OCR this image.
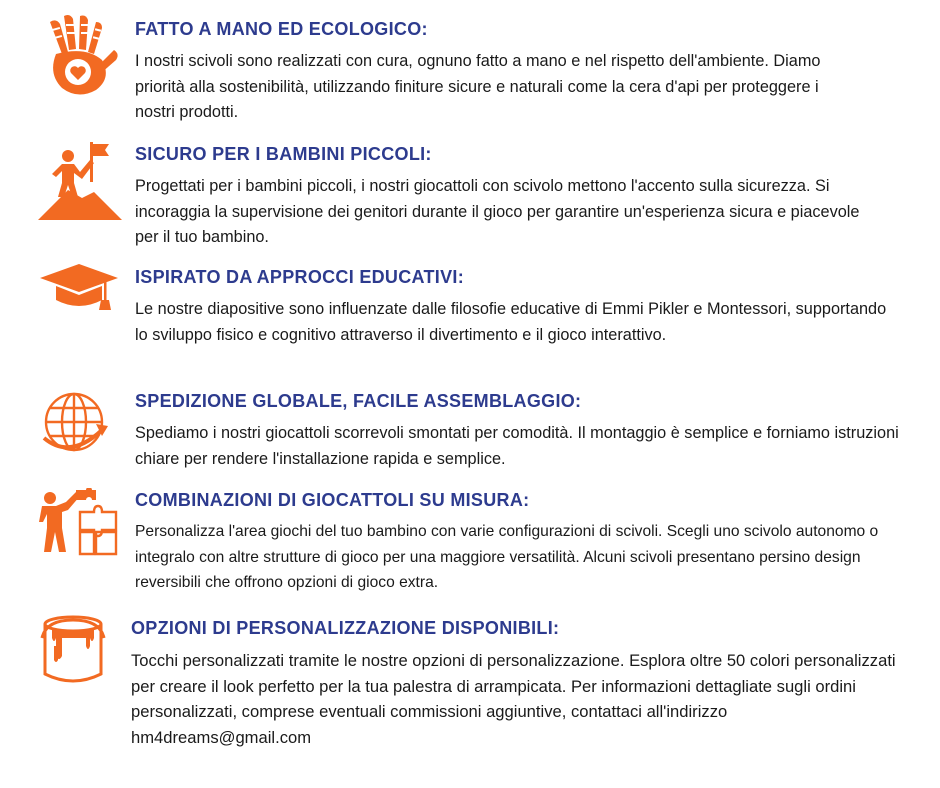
FATTO A MANO ED ECOLOGICO:

I nostri scivoli sono realizzati con cura, ognuno fatto a mano e nel rispetto dell'ambiente. Diamo priorità alla sostenibilità, utilizzando finiture sicure e naturali come la cera d'api per proteggere i nostri prodotti.

SICURO PER I BAMBINI PICCOLI:

Progettati per i bambini piccoli, i nostri giocattoli con scivolo mettono l'accento sulla sicurezza. Si incoraggia la supervisione dei genitori durante il gioco per garantire un'esperienza sicura e piacevole per il tuo bambino.

ISPIRATO DA APPROCCI EDUCATIVI:

Le nostre diapositive sono influenzate dalle filosofie educative di Emmi Pikler e Montessori, supportando lo sviluppo fisico e cognitivo attraverso il divertimento e il gioco interattivo.

SPEDIZIONE GLOBALE, FACILE ASSEMBLAGGIO:

Spediamo i nostri giocattoli scorrevoli smontati per comodità. Il montaggio è semplice e forniamo istruzioni chiare per rendere l'installazione rapida e semplice.

COMBINAZIONI DI GIOCATTOLI SU MISURA:

Personalizza l'area giochi del tuo bambino con varie configurazioni di scivoli. Scegli uno scivolo autonomo o integralo con altre strutture di gioco per una maggiore versatilità. Alcuni scivoli presentano persino design reversibili che offrono opzioni di gioco extra.

OPZIONI DI PERSONALIZZAZIONE DISPONIBILI:

Tocchi personalizzati tramite le nostre opzioni di personalizzazione. Esplora oltre 50 colori personalizzati per creare il look perfetto per la tua palestra di arrampicata. Per informazioni dettagliate sugli ordini personalizzati, comprese eventuali commissioni aggiuntive, contattaci all'indirizzo hm4dreams@gmail.com
